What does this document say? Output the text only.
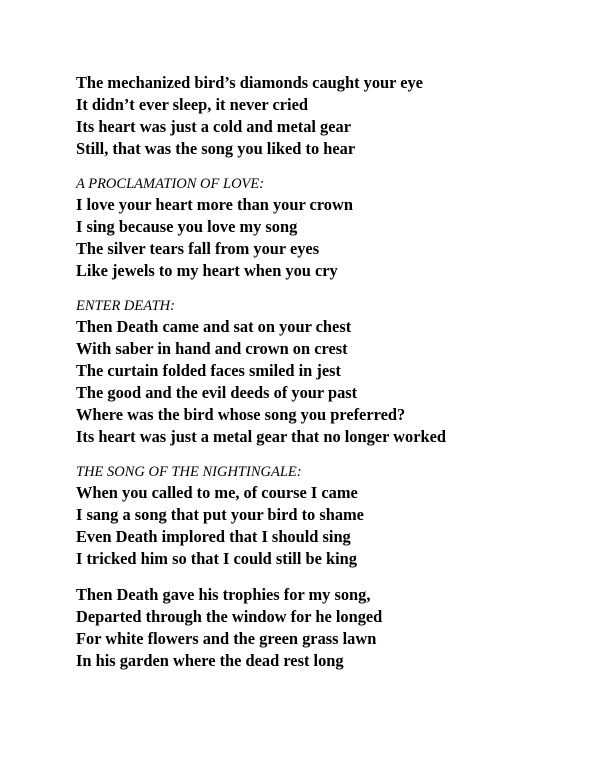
The mechanized bird’s diamonds caught your eye

It didn’t ever sleep, it never cried

Its heart was just a cold and metal gear

Still, that was the song you liked to hear

A PROCLAMATION OF LOVE:

I love your heart more than your crown

I sing because you love my song

The silver tears fall from your eyes

Like jewels to my heart when you cry

ENTER DEATH:

Then Death came and sat on your chest

With saber in hand and crown on crest

The curtain folded faces smiled in jest

The good and the evil deeds of your past

Where was the bird whose song you preferred?

Its heart was just a metal gear that no longer worked

THE SONG OF THE NIGHTINGALE:

When you called to me, of course I came

I sang a song that put your bird to shame

Even Death implored that I should sing

I tricked him so that I could still be king

Then Death gave his trophies for my song,

Departed through the window for he longed

For white flowers and the green grass lawn

In his garden where the dead rest long
